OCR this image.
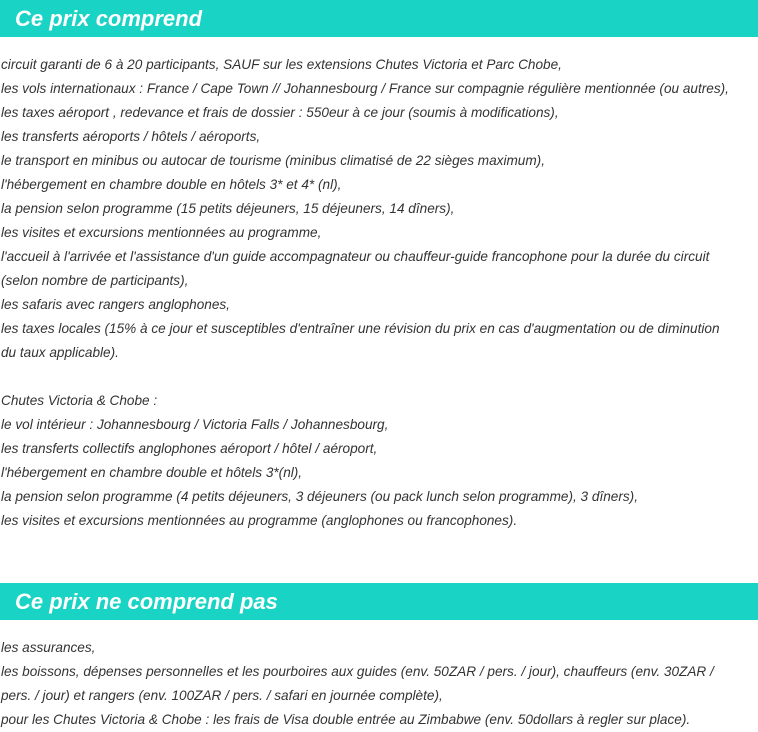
Ce prix comprend
circuit garanti de 6 à 20 participants, SAUF sur les extensions Chutes Victoria et Parc Chobe,
les vols internationaux : France / Cape Town // Johannesbourg / France sur compagnie régulière mentionnée (ou autres),
les taxes aéroport , redevance et frais de dossier : 550eur à ce jour (soumis à modifications),
les transferts aéroports / hôtels / aéroports,
le transport en minibus ou autocar de tourisme (minibus climatisé de 22 sièges maximum),
l'hébergement en chambre double en hôtels 3* et 4* (nl),
la pension selon programme (15 petits déjeuners, 15 déjeuners, 14 dîners),
les visites et excursions mentionnées au programme,
l'accueil à l'arrivée et l'assistance d'un guide accompagnateur ou chauffeur-guide francophone pour la durée du circuit
(selon nombre de participants),
les safaris avec rangers anglophones,
les taxes locales (15% à ce jour et susceptibles d'entraîner une révision du prix en cas d'augmentation ou de diminution
du taux applicable).
Chutes Victoria & Chobe :
le vol intérieur : Johannesbourg / Victoria Falls / Johannesbourg,
les transferts collectifs anglophones aéroport / hôtel / aéroport,
l'hébergement en chambre double et hôtels 3*(nl),
la pension selon programme (4 petits déjeuners, 3 déjeuners (ou pack lunch selon programme), 3 dîners),
les visites et excursions mentionnées au programme (anglophones ou francophones).
Ce prix ne comprend pas
les assurances,
les boissons, dépenses personnelles et les pourboires aux guides (env. 50ZAR / pers. / jour), chauffeurs (env. 30ZAR /
pers. / jour) et rangers (env. 100ZAR / pers. / safari en journée complète),
pour les Chutes Victoria & Chobe : les frais de Visa double entrée au Zimbabwe (env. 50dollars à regler sur place).
